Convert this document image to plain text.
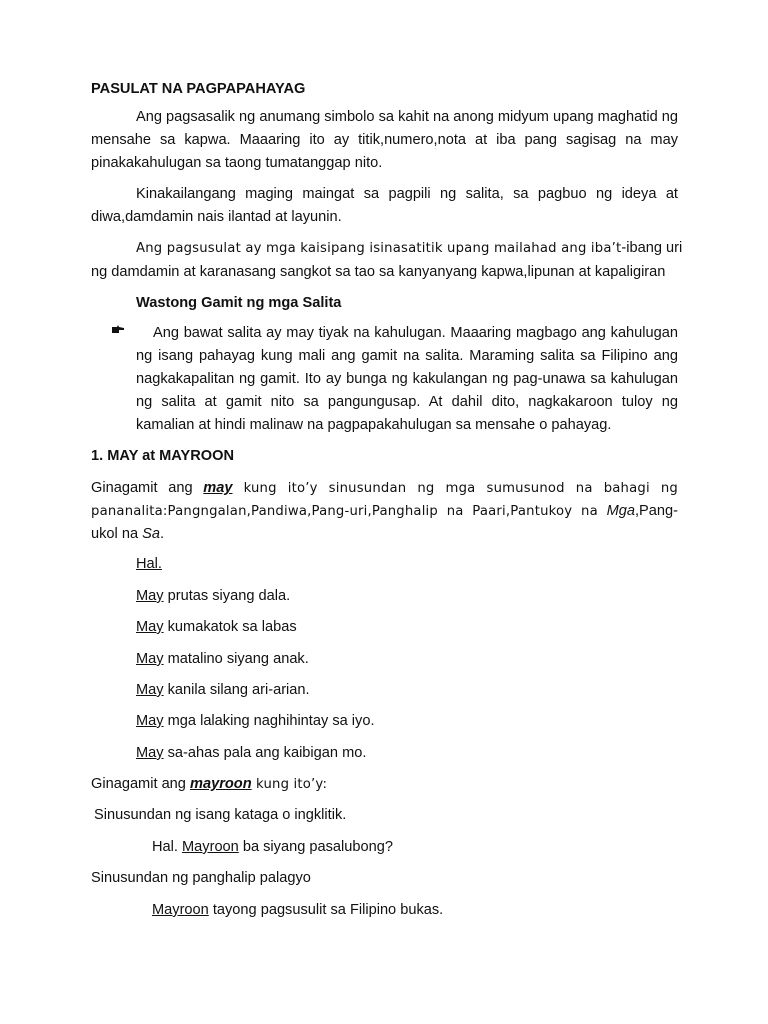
PASULAT NA PAGPAPAHAYAG
Ang pagsasalik ng anumang simbolo sa kahit na anong midyum upang maghatid ng mensahe sa kapwa. Maaaring ito ay titik,numero,nota at iba pang sagisag na may pinakakahulugan sa taong tumatanggap nito.
Kinakailangang maging maingat sa pagpili ng salita, sa pagbuo ng ideya at diwa,damdamin nais ilantad at layunin.
Ang pagsusulat ay mga kaisipang isinasatitik upang mailahad ang iba’t-ibang uri
ng damdamin at karanasang sangkot sa tao sa kanyanyang kapwa,lipunan at kapaligiran
Wastong Gamit ng mga Salita
Ang bawat salita ay may tiyak na kahulugan. Maaaring magbago ang kahulugan ng isang pahayag kung mali ang gamit na salita. Maraming salita sa Filipino ang nagkakapalitan ng gamit. Ito ay bunga ng kakulangan ng pag-unawa sa kahulugan ng salita at gamit nito sa pangungusap. At dahil dito, nagkakaroon tuloy ng kamalian at hindi malinaw na pagpapakahulugan sa mensahe o pahayag.
1. MAY at MAYROON
Ginagamit ang may kung ito’y sinusundan ng mga sumusunod na bahagi ng pananalita:Pangngalan,Pandiwa,Pang-uri,Panghalip na Paari,Pantukoy na Mga,Pang-ukol na Sa.
Hal.
May prutas siyang dala.
May kumakatok sa labas
May matalino siyang anak.
May kanila silang ari-arian.
May mga lalaking naghihintay sa iyo.
May sa-ahas pala ang kaibigan mo.
Ginagamit ang mayroon kung ito’y:
Sinusundan ng isang kataga o ingklitik.
Hal. Mayroon ba siyang pasalubong?
Sinusundan ng panghalip palagyo
Mayroon tayong pagsusulit sa Filipino bukas.
